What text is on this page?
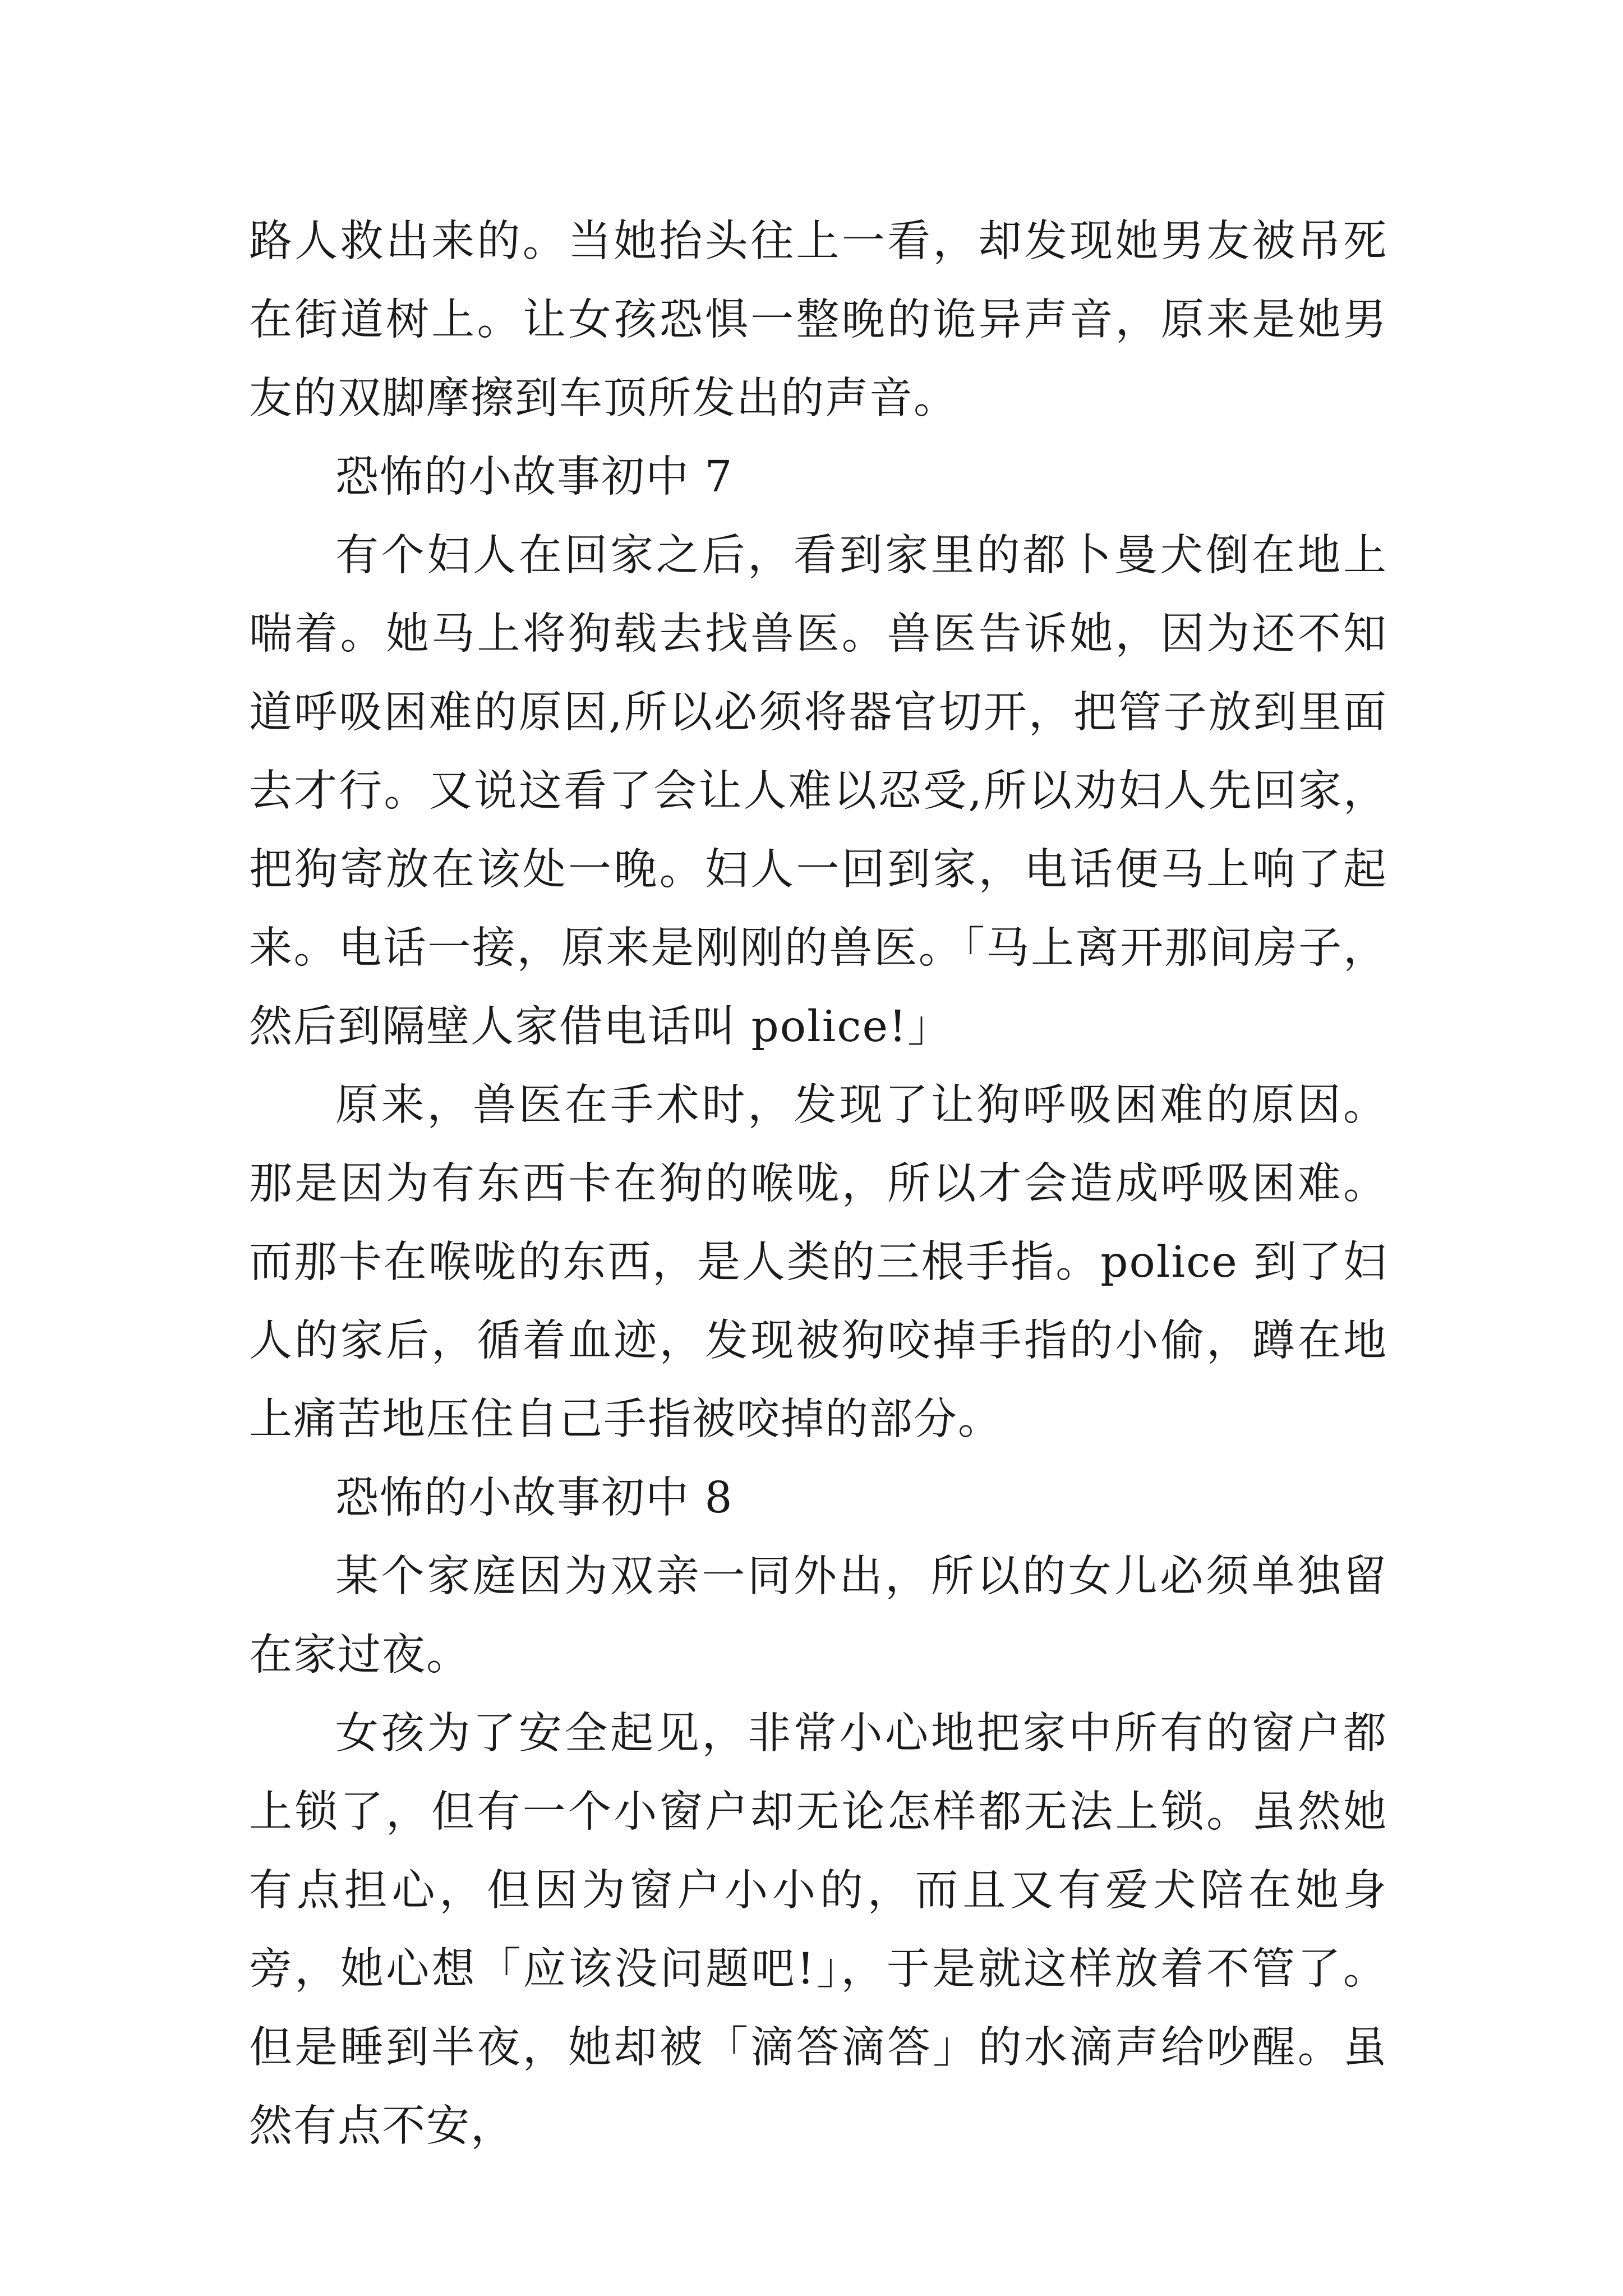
路人救出来的。当她抬头往上一看，却发现她男友被吊死在街道树上。让女孩恐惧一整晚的诡异声音，原来是她男友的双脚摩擦到车顶所发出的声音。

恐怖的小故事初中 7

有个妇人在回家之后，看到家里的都卜曼犬倒在地上喘着。她马上将狗载去找兽医。兽医告诉她，因为还不知道呼吸困难的原因,所以必须将器官切开，把管子放到里面去才行。又说这看了会让人难以忍受,所以劝妇人先回家，把狗寄放在该处一晚。妇人一回到家，电话便马上响了起来。电话一接，原来是刚刚的兽医。「马上离开那间房子，然后到隔壁人家借电话叫 police!」

原来，兽医在手术时，发现了让狗呼吸困难的原因。那是因为有东西卡在狗的喉咙，所以才会造成呼吸困难。而那卡在喉咙的东西，是人类的三根手指。police 到了妇人的家后，循着血迹，发现被狗咬掉手指的小偷，蹲在地上痛苦地压住自己手指被咬掉的部分。

恐怖的小故事初中 8

某个家庭因为双亲一同外出，所以的女儿必须单独留在家过夜。

女孩为了安全起见，非常小心地把家中所有的窗户都上锁了，但有一个小窗户却无论怎样都无法上锁。虽然她有点担心，但因为窗户小小的，而且又有爱犬陪在她身旁，她心想「应该没问题吧!」，于是就这样放着不管了。但是睡到半夜，她却被「滴答滴答」的水滴声给吵醒。虽然有点不安，
